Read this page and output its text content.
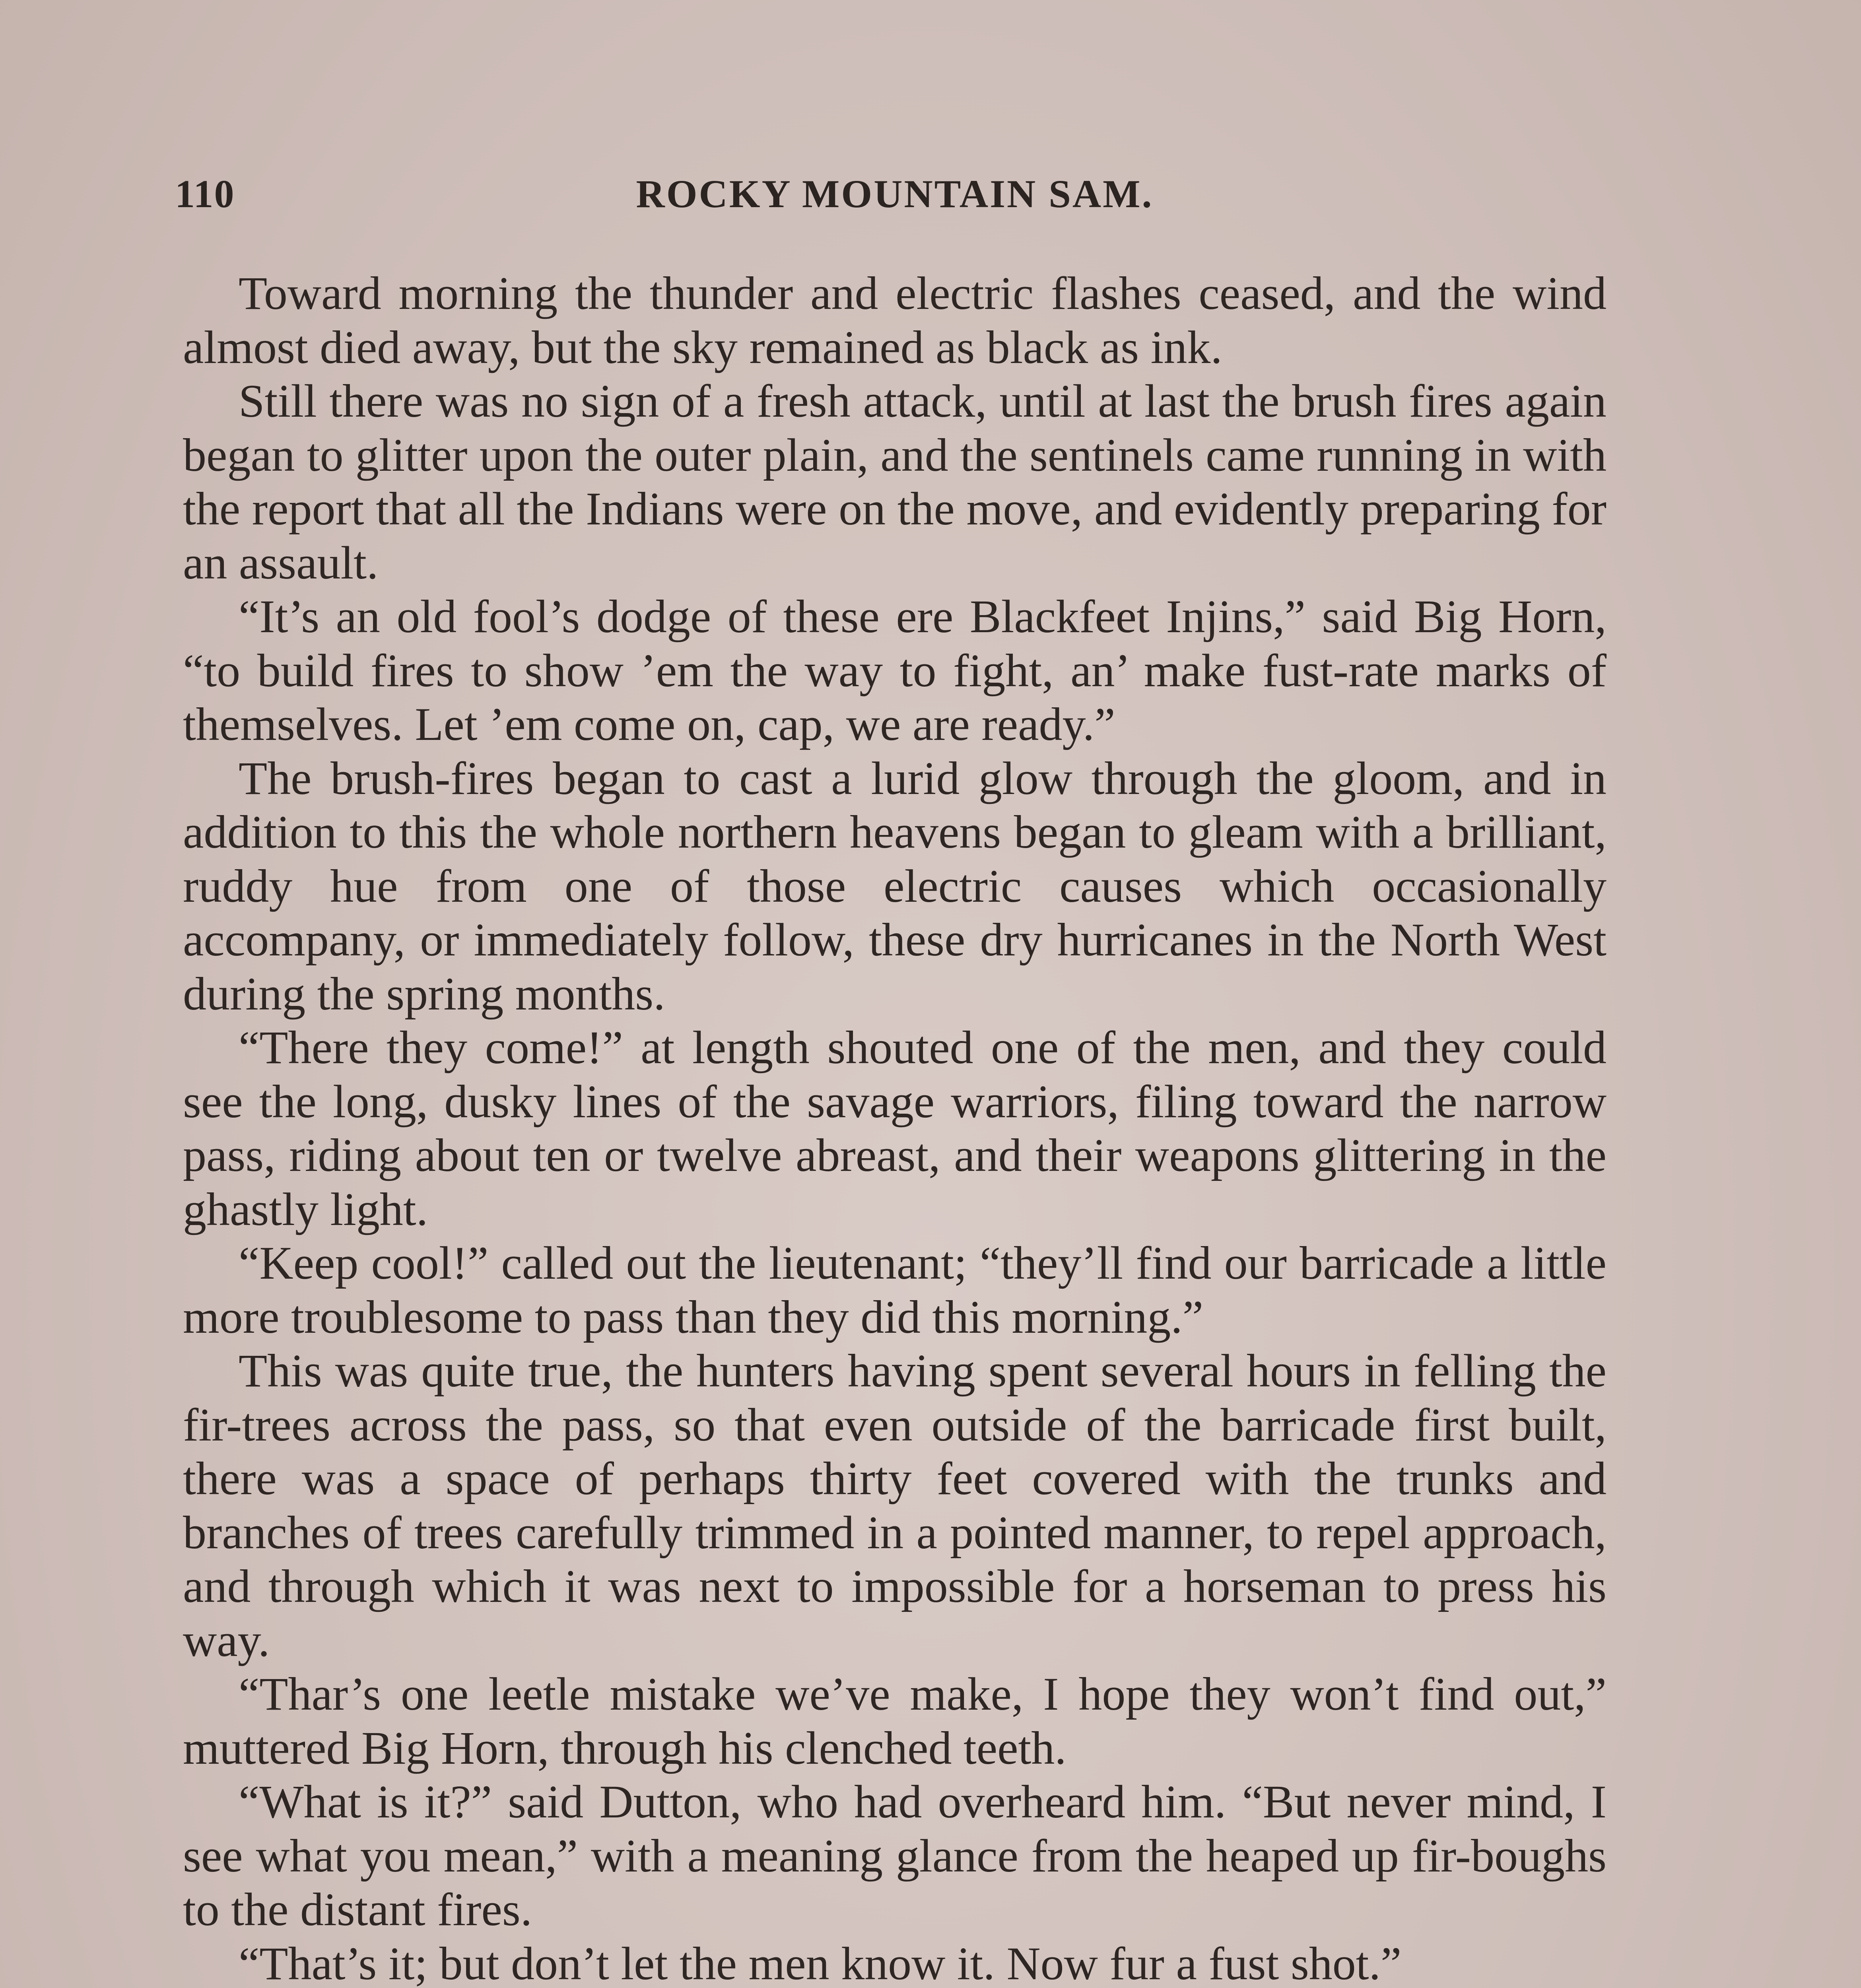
110	ROCKY MOUNTAIN SAM.

Toward morning the thunder and electric flashes ceased, and the wind almost died away, but the sky remained as black as ink.

Still there was no sign of a fresh attack, until at last the brush fires again began to glitter upon the outer plain, and the sentinels came running in with the report that all the Indians were on the move, and evidently preparing for an assault.

“It’s an old fool’s dodge of these ere Blackfeet Injins,” said Big Horn, “to build fires to show ’em the way to fight, an’ make fust-rate marks of themselves. Let ’em come on, cap, we are ready.”

The brush-fires began to cast a lurid glow through the gloom, and in addition to this the whole northern heavens began to gleam with a brilliant, ruddy hue from one of those electric causes which occasionally accompany, or immediately follow, these dry hurricanes in the North West during the spring months.

“There they come!” at length shouted one of the men, and they could see the long, dusky lines of the savage warriors, filing toward the narrow pass, riding about ten or twelve abreast, and their weapons glittering in the ghastly light.

“Keep cool!” called out the lieutenant; “they’ll find our barricade a little more troublesome to pass than they did this morning.”

This was quite true, the hunters having spent several hours in felling the fir-trees across the pass, so that even outside of the barricade first built, there was a space of perhaps thirty feet covered with the trunks and branches of trees carefully trimmed in a pointed manner, to repel approach, and through which it was next to impossible for a horseman to press his way.

“Thar’s one leetle mistake we’ve make, I hope they won’t find out,” muttered Big Horn, through his clenched teeth.

“What is it?” said Dutton, who had overheard him. “But never mind, I see what you mean,” with a meaning glance from the heaped up fir-boughs to the distant fires.

“That’s it; but don’t let the men know it. Now fur a fust shot.”
